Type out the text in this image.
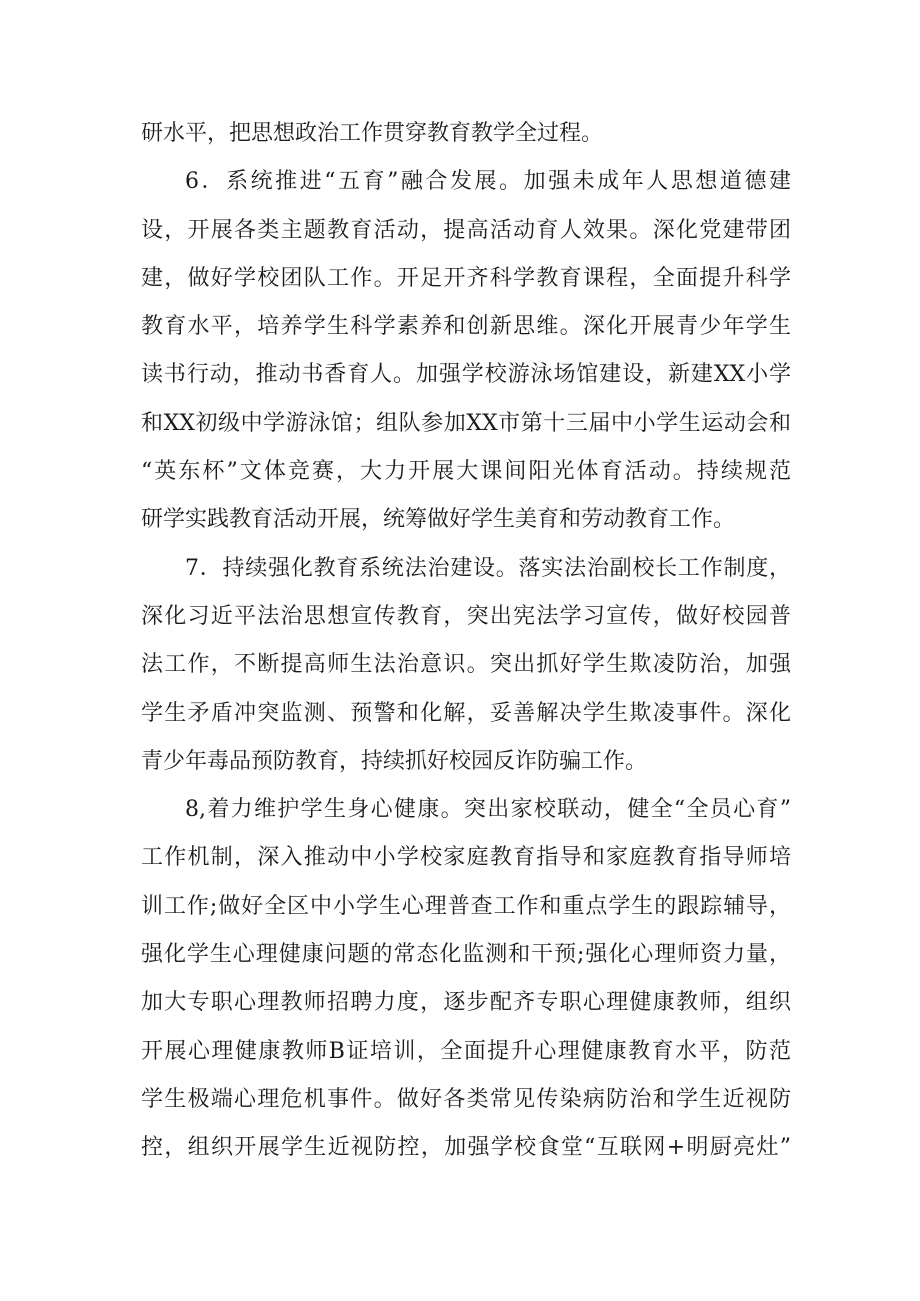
研水平，把思想政治工作贯穿教育教学全过程。
6．系统推进“五育”融合发展。加强未成年人思想道德建
设，开展各类主题教育活动，提高活动育人效果。深化党建带团
建，做好学校团队工作。开足开齐科学教育课程，全面提升科学
教育水平，培养学生科学素养和创新思维。深化开展青少年学生
读书行动，推动书香育人。加强学校游泳场馆建设，新建XX小学
和XX初级中学游泳馆；组队参加XX市第十三届中小学生运动会和
“英东杯”文体竞赛，大力开展大课间阳光体育活动。持续规范
研学实践教育活动开展，统筹做好学生美育和劳动教育工作。
7．持续强化教育系统法治建设。落实法治副校长工作制度，
深化习近平法治思想宣传教育，突出宪法学习宣传，做好校园普
法工作，不断提高师生法治意识。突出抓好学生欺凌防治，加强
学生矛盾冲突监测、预警和化解，妥善解决学生欺凌事件。深化
青少年毒品预防教育，持续抓好校园反诈防骗工作。
8,着力维护学生身心健康。突出家校联动，健全“全员心育”
工作机制，深入推动中小学校家庭教育指导和家庭教育指导师培
训工作;做好全区中小学生心理普查工作和重点学生的跟踪辅导，
强化学生心理健康问题的常态化监测和干预;强化心理师资力量，
加大专职心理教师招聘力度，逐步配齐专职心理健康教师，组织
开展心理健康教师B证培训，全面提升心理健康教育水平，防范
学生极端心理危机事件。做好各类常见传染病防治和学生近视防
控，组织开展学生近视防控，加强学校食堂“互联网+明厨亮灶”
